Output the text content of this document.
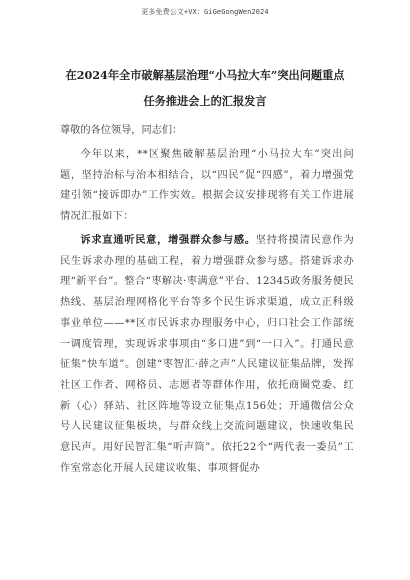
更多免费公文+VX：GiGeGongWen2024
在2024年全市破解基层治理“小马拉大车”突出问题重点
任务推进会上的汇报发言
尊敬的各位领导，同志们：

今年以来，**区聚焦破解基层治理“小马拉大车”突出问题，坚持治标与治本相结合，以“四民”促“四感”，着力增强党建引领“接诉即办”工作实效。根据会议安排现将有关工作进展情况汇报如下：

诉求直通听民意，增强群众参与感。坚持将摸清民意作为民生诉求办理的基础工程，着力增强群众参与感。搭建诉求办理“新平台”。整合“枣解决·枣满意”平台、12345政务服务便民热线、基层治理网格化平台等多个民生诉求渠道，成立正科级事业单位——**区市民诉求办理服务中心，归口社会工作部统一调度管理，实现诉求事项由“多口进”到“一口入”。打通民意征集“快车道”。创建“枣智汇·薛之声”人民建议征集品牌，发挥社区工作者、网格员、志愿者等群体作用，依托商圈党委、红新（心）驿站、社区阵地等设立征集点156处；开通微信公众号人民建议征集板块，与群众线上交流问题建议，快速收集民意民声。用好民智汇集“听声筒”。依托22个“两代表一委员”工作室常态化开展人民建议收集、事项督促办
